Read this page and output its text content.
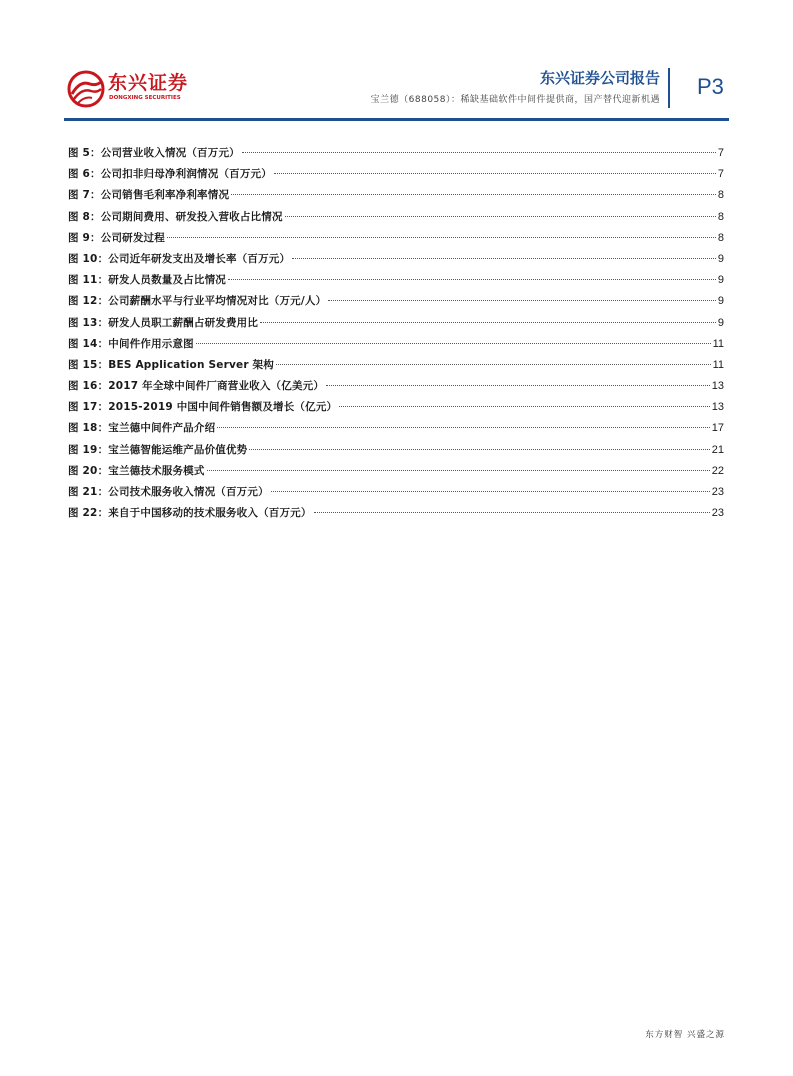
东兴证券
DONGXING SECURITIES
东兴证券公司报告
宝兰德（688058）：稀缺基础软件中间件提供商，国产替代迎新机遇
P3
图 5：公司营业收入情况（百万元）	7
图 6：公司扣非归母净利润情况（百万元）	7
图 7：公司销售毛利率净利率情况	8
图 8：公司期间费用、研发投入营收占比情况	8
图 9：公司研发过程	8
图 10：公司近年研发支出及增长率（百万元）	9
图 11：研发人员数量及占比情况	9
图 12：公司薪酬水平与行业平均情况对比（万元/人）	9
图 13：研发人员职工薪酬占研发费用比	9
图 14：中间件作用示意图	11
图 15：BES Application Server 架构	11
图 16：2017 年全球中间件厂商营业收入（亿美元）	13
图 17：2015-2019 中国中间件销售额及增长（亿元）	13
图 18：宝兰德中间件产品介绍	17
图 19：宝兰德智能运维产品价值优势	21
图 20：宝兰德技术服务模式	22
图 21：公司技术服务收入情况（百万元）	23
图 22：来自于中国移动的技术服务收入（百万元）	23
东方财智 兴盛之源
